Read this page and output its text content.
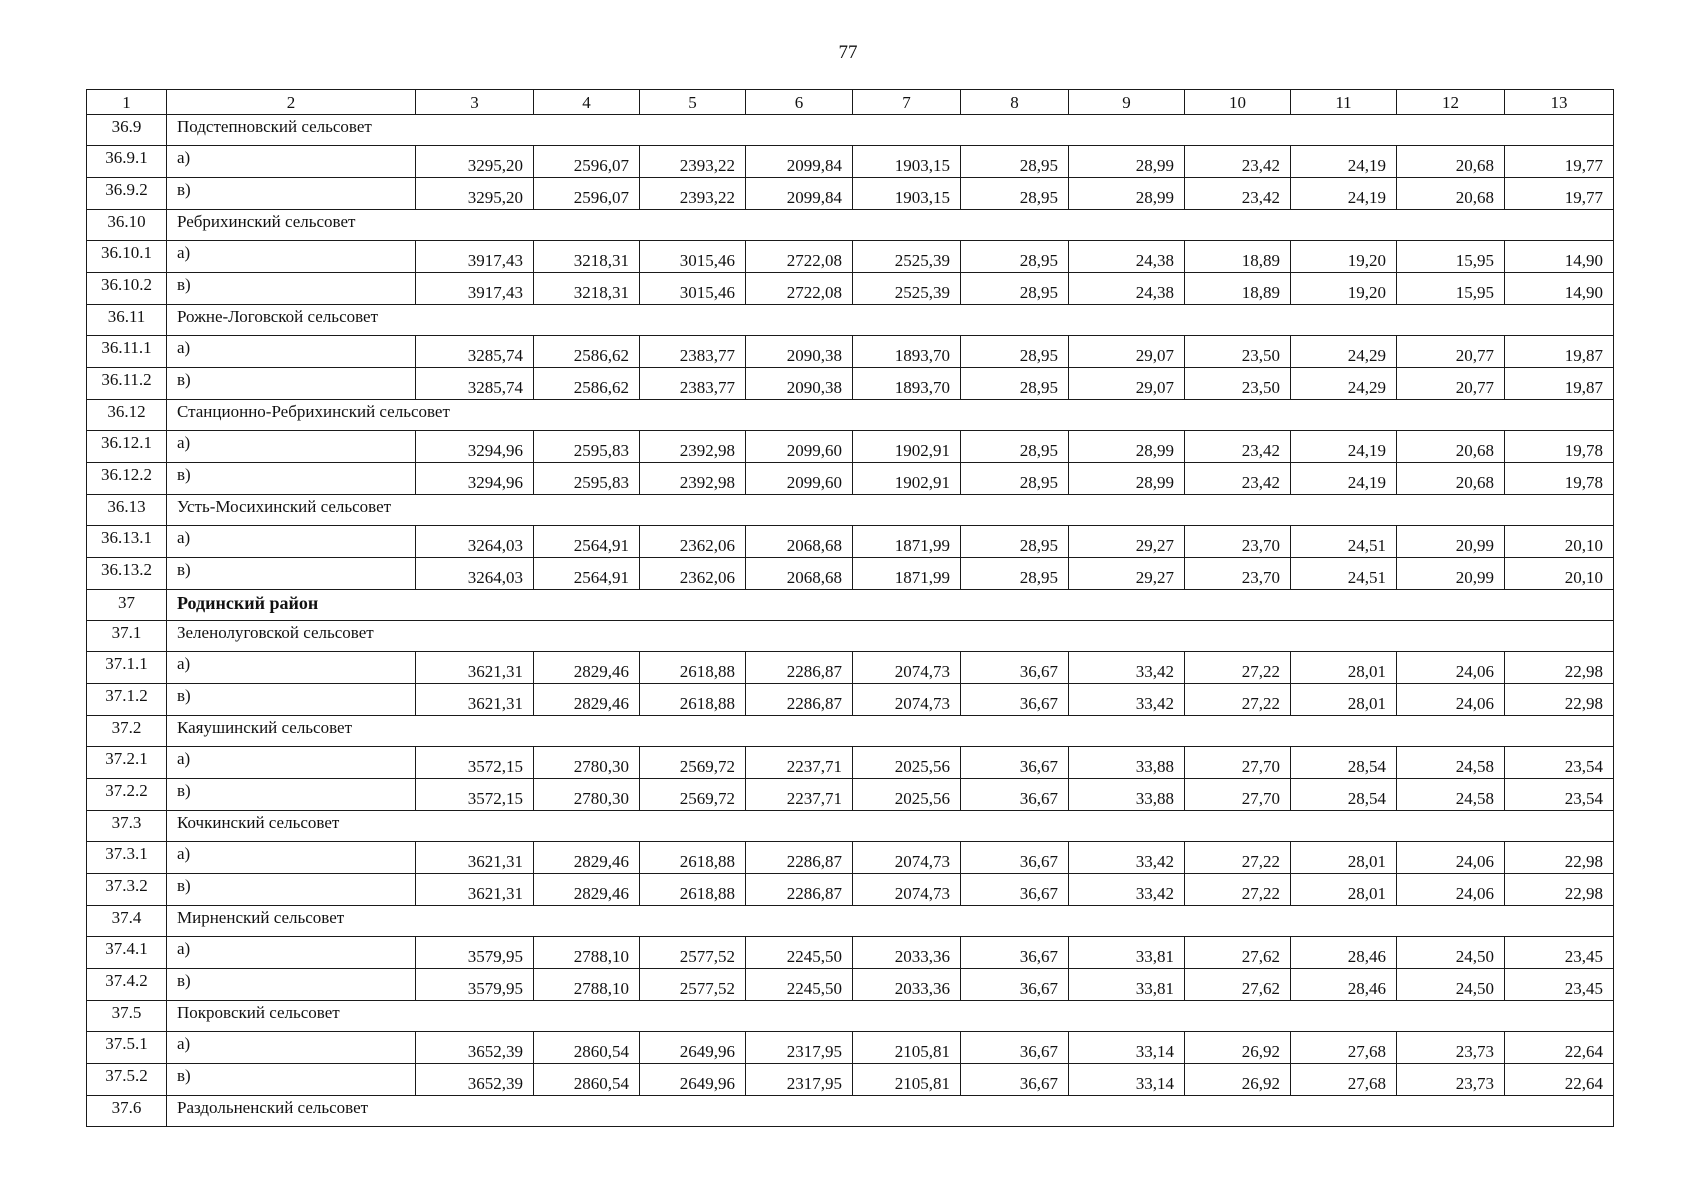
77
1	2	3	4	5	6	7	8	9	10	11	12	13
36.9	Подстепновский сельсовет											
36.9.1	а)	3295,20	2596,07	2393,22	2099,84	1903,15	28,95	28,99	23,42	24,19	20,68	19,77
36.9.2	в)	3295,20	2596,07	2393,22	2099,84	1903,15	28,95	28,99	23,42	24,19	20,68	19,77
36.10	Ребрихинский сельсовет											
36.10.1	а)	3917,43	3218,31	3015,46	2722,08	2525,39	28,95	24,38	18,89	19,20	15,95	14,90
36.10.2	в)	3917,43	3218,31	3015,46	2722,08	2525,39	28,95	24,38	18,89	19,20	15,95	14,90
36.11	Рожне-Логовской сельсовет											
36.11.1	а)	3285,74	2586,62	2383,77	2090,38	1893,70	28,95	29,07	23,50	24,29	20,77	19,87
36.11.2	в)	3285,74	2586,62	2383,77	2090,38	1893,70	28,95	29,07	23,50	24,29	20,77	19,87
36.12	Станционно-Ребрихинский сельсовет											
36.12.1	а)	3294,96	2595,83	2392,98	2099,60	1902,91	28,95	28,99	23,42	24,19	20,68	19,78
36.12.2	в)	3294,96	2595,83	2392,98	2099,60	1902,91	28,95	28,99	23,42	24,19	20,68	19,78
36.13	Усть-Мосихинский сельсовет											
36.13.1	а)	3264,03	2564,91	2362,06	2068,68	1871,99	28,95	29,27	23,70	24,51	20,99	20,10
36.13.2	в)	3264,03	2564,91	2362,06	2068,68	1871,99	28,95	29,27	23,70	24,51	20,99	20,10
37	Родинский район											
37.1	Зеленолуговской сельсовет											
37.1.1	а)	3621,31	2829,46	2618,88	2286,87	2074,73	36,67	33,42	27,22	28,01	24,06	22,98
37.1.2	в)	3621,31	2829,46	2618,88	2286,87	2074,73	36,67	33,42	27,22	28,01	24,06	22,98
37.2	Каяушинский сельсовет											
37.2.1	а)	3572,15	2780,30	2569,72	2237,71	2025,56	36,67	33,88	27,70	28,54	24,58	23,54
37.2.2	в)	3572,15	2780,30	2569,72	2237,71	2025,56	36,67	33,88	27,70	28,54	24,58	23,54
37.3	Кочкинский сельсовет											
37.3.1	а)	3621,31	2829,46	2618,88	2286,87	2074,73	36,67	33,42	27,22	28,01	24,06	22,98
37.3.2	в)	3621,31	2829,46	2618,88	2286,87	2074,73	36,67	33,42	27,22	28,01	24,06	22,98
37.4	Мирненский сельсовет											
37.4.1	а)	3579,95	2788,10	2577,52	2245,50	2033,36	36,67	33,81	27,62	28,46	24,50	23,45
37.4.2	в)	3579,95	2788,10	2577,52	2245,50	2033,36	36,67	33,81	27,62	28,46	24,50	23,45
37.5	Покровский сельсовет											
37.5.1	а)	3652,39	2860,54	2649,96	2317,95	2105,81	36,67	33,14	26,92	27,68	23,73	22,64
37.5.2	в)	3652,39	2860,54	2649,96	2317,95	2105,81	36,67	33,14	26,92	27,68	23,73	22,64
37.6	Раздольненский сельсовет											
